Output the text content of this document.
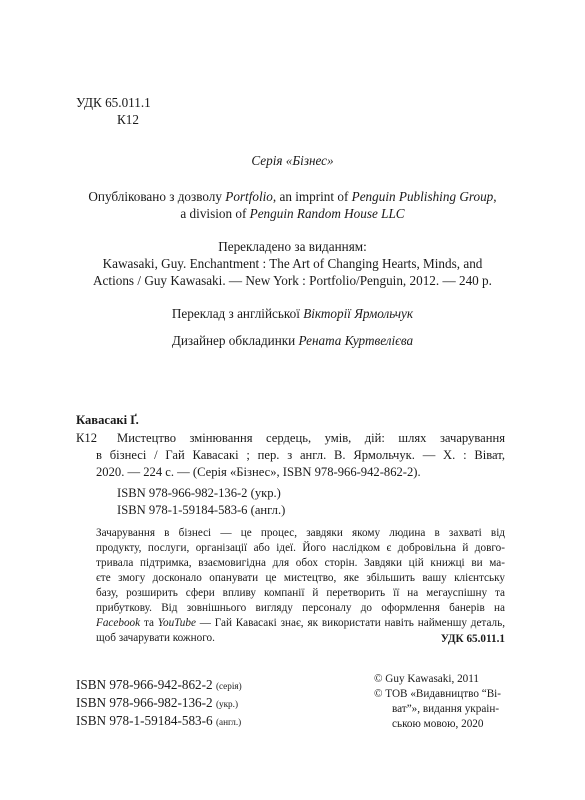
УДК 65.011.1
К12
Серія «Бізнес»
Опубліковано з дозволу Portfolio, an imprint of Penguin Publishing Group,
a division of Penguin Random House LLC
Перекладено за виданням:
Kawasaki, Guy. Enchantment : The Art of Changing Hearts, Minds, and
Actions / Guy Kawasaki. — New York : Portfolio/Penguin, 2012. — 240 p.
Переклад з англійської Вікторії Ярмольчук
Дизайнер обкладинки Рената Куртвелієва
Кавасакі Ґ.
К12 Мистецтво змінювання сердець, умів, дій: шлях зачарування
в бізнесі / Гай Кавасакі ; пер. з англ. В. Ярмольчук. — Х. : Віват,
2020. — 224 с. — (Серія «Бізнес», ISBN 978-966-942-862-2).
ISBN 978-966-982-136-2 (укр.)
ISBN 978-1-59184-583-6 (англ.)
Зачарування в бізнесі — це процес, завдяки якому людина в захваті від
продукту, послуги, організації або ідеї. Його наслідком є добровільна й довго-
тривала підтримка, взаємовигідна для обох сторін. Завдяки цій книжці ви ма-
єте змогу досконало опанувати це мистецтво, яке збільшить вашу клієнтську
базу, розширить сфери впливу компанії й перетворить її на мегауспішну та
прибуткову. Від зовнішнього вигляду персоналу до оформлення банерів на
Facebook та YouTube — Гай Кавасакі знає, як використати навіть найменшу деталь,
щоб зачарувати кожного.	УДК 65.011.1
ISBN 978-966-942-862-2 (серія)
ISBN 978-966-982-136-2 (укр.)
ISBN 978-1-59184-583-6 (англ.)
© Guy Kawasaki, 2011
© ТОВ «Видавництво “Ві-
ват”», видання украін-
ською мовою, 2020
